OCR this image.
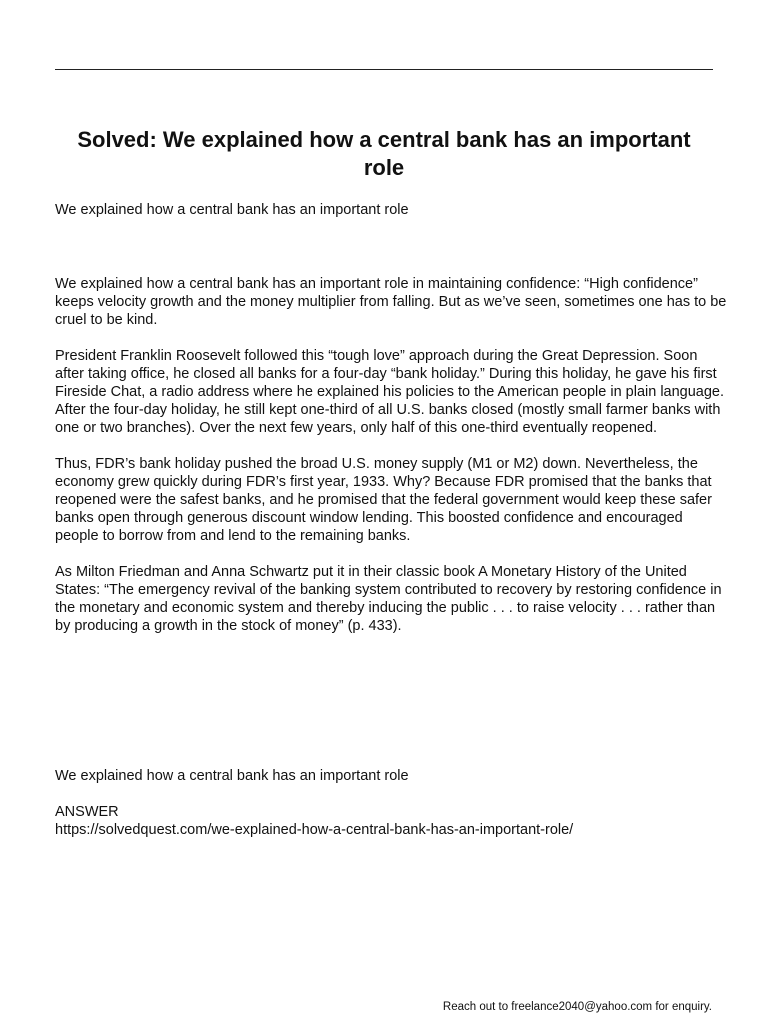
Solved: We explained how a central bank has an important role

We explained how a central bank has an important role

We explained how a central bank has an important role in maintaining confidence: “High confidence” keeps velocity growth and the money multiplier from falling. But as we’ve seen, sometimes one has to be cruel to be kind.

President Franklin Roosevelt followed this “tough love” approach during the Great Depression. Soon after taking office, he closed all banks for a four-day “bank holiday.” During this holiday, he gave his first Fireside Chat, a radio address where he explained his policies to the American people in plain language. After the four-day holiday, he still kept one-third of all U.S. banks closed (mostly small farmer banks with one or two branches). Over the next few years, only half of this one-third eventually reopened.

Thus, FDR’s bank holiday pushed the broad U.S. money supply (M1 or M2) down. Nevertheless, the economy grew quickly during FDR’s first year, 1933. Why? Because FDR promised that the banks that reopened were the safest banks, and he promised that the federal government would keep these safer banks open through generous discount window lending. This boosted confidence and encouraged people to borrow from and lend to the remaining banks.

As Milton Friedman and Anna Schwartz put it in their classic book A Monetary History of the United States: “The emergency revival of the banking system contributed to recovery by restoring confidence in the monetary and economic system and thereby inducing the public . . . to raise velocity . . . rather than by producing a growth in the stock of money” (p. 433).

We explained how a central bank has an important role

ANSWER
https://solvedquest.com/we-explained-how-a-central-bank-has-an-important-role/

Reach out to freelance2040@yahoo.com for enquiry.
